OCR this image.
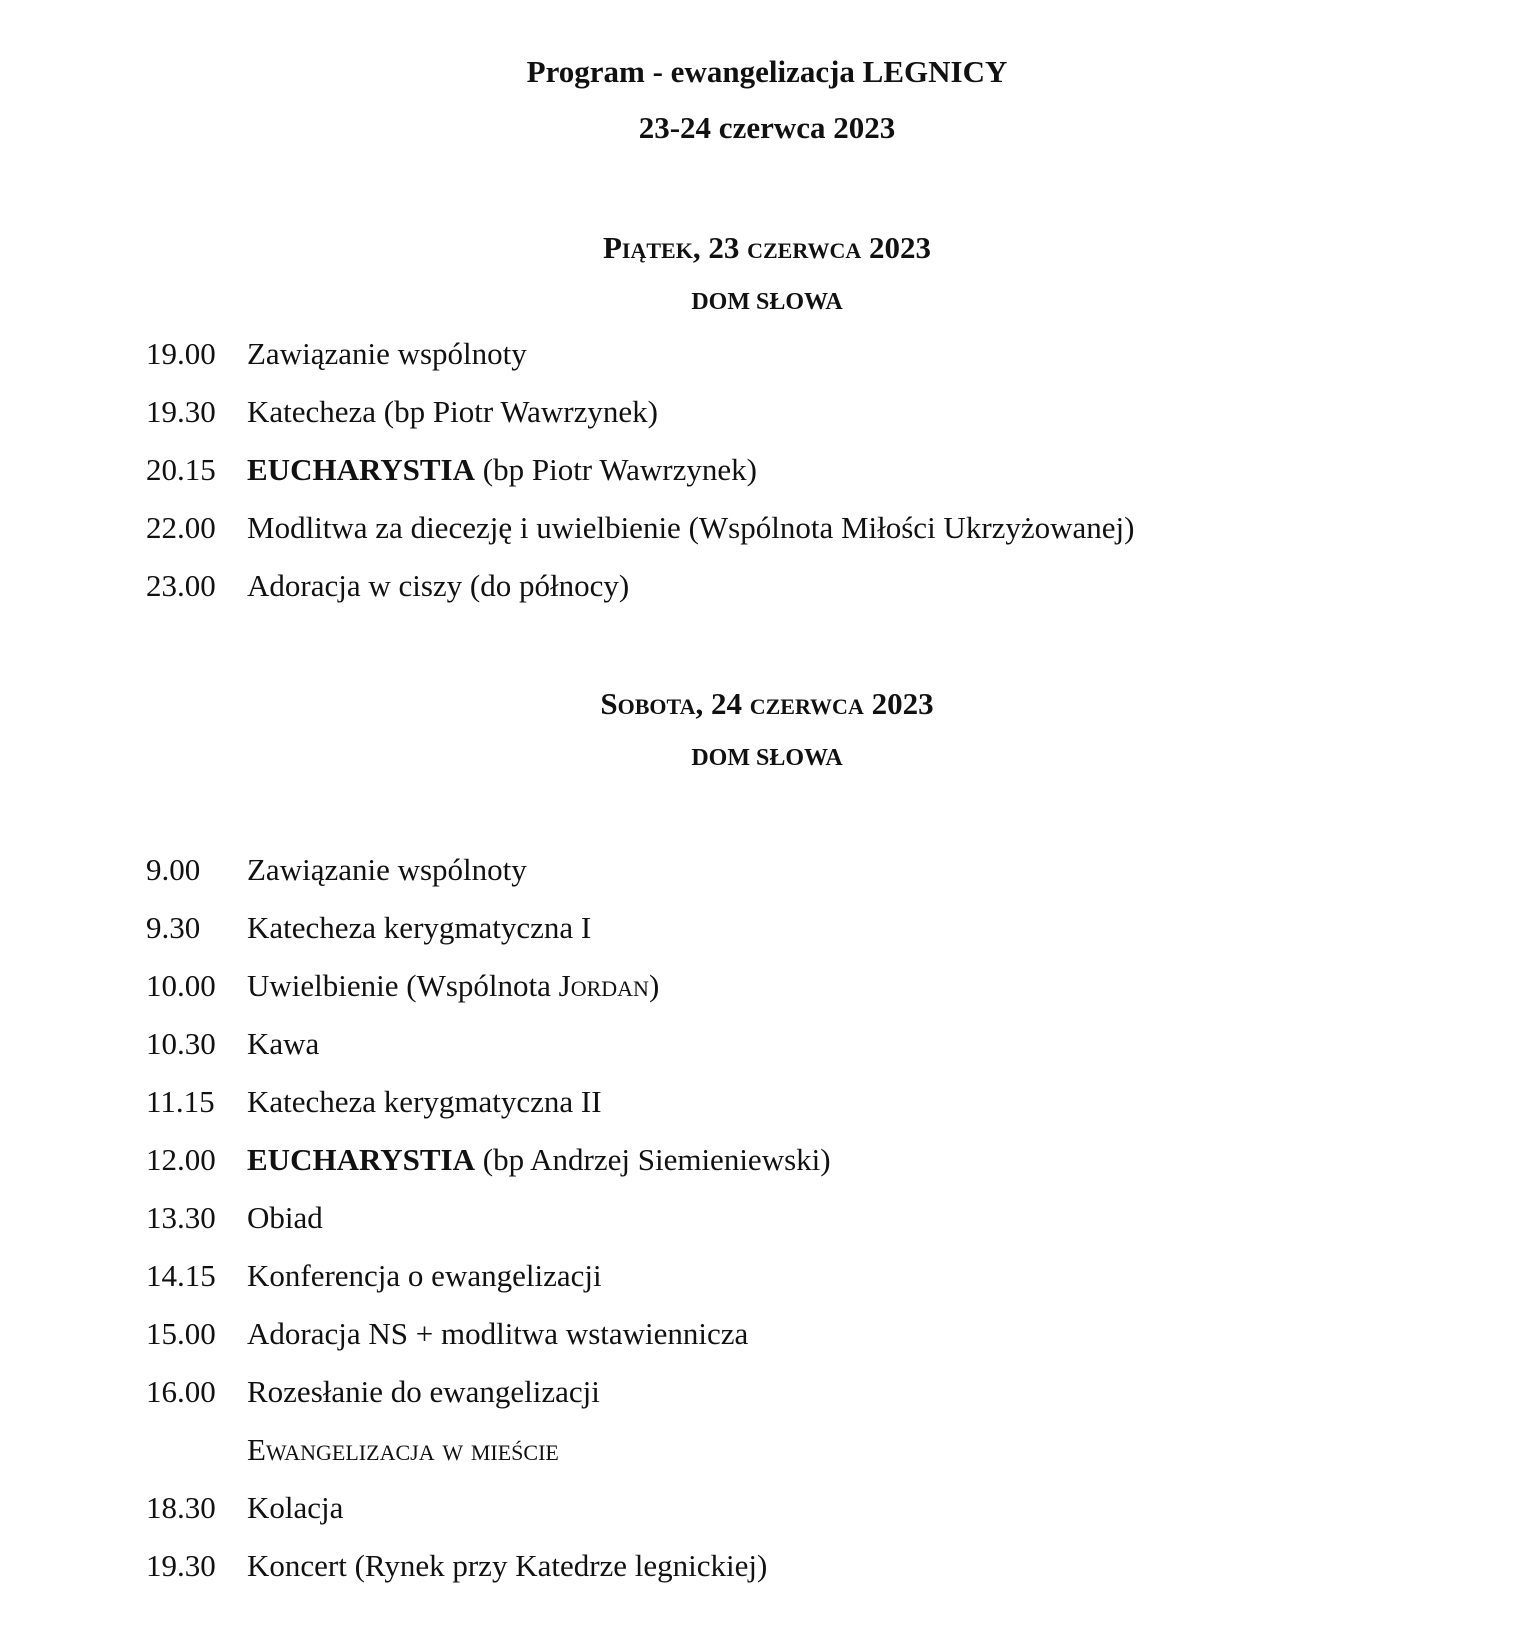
Program - ewangelizacja LEGNICY
23-24 czerwca 2023
Piątek, 23 czerwca 2023
DOM SŁOWA
19.00 Zawiązanie wspólnoty
19.30 Katecheza (bp Piotr Wawrzynek)
20.15 EUCHARYSTIA (bp Piotr Wawrzynek)
22.00 Modlitwa za diecezję i uwielbienie (Wspólnota Miłości Ukrzyżowanej)
23.00 Adoracja w ciszy (do północy)
Sobota, 24 czerwca 2023
DOM SŁOWA
9.00 Zawiązanie wspólnoty
9.30 Katecheza kerygmatyczna I
10.00 Uwielbienie (Wspólnota Jordan)
10.30 Kawa
11.15 Katecheza kerygmatyczna II
12.00 EUCHARYSTIA (bp Andrzej Siemieniewski)
13.30 Obiad
14.15 Konferencja o ewangelizacji
15.00 Adoracja NS + modlitwa wstawiennicza
16.00 Rozesłanie do ewangelizacji
Ewangelizacja w mieście
18.30 Kolacja
19.30 Koncert (Rynek przy Katedrze legnickiej)
